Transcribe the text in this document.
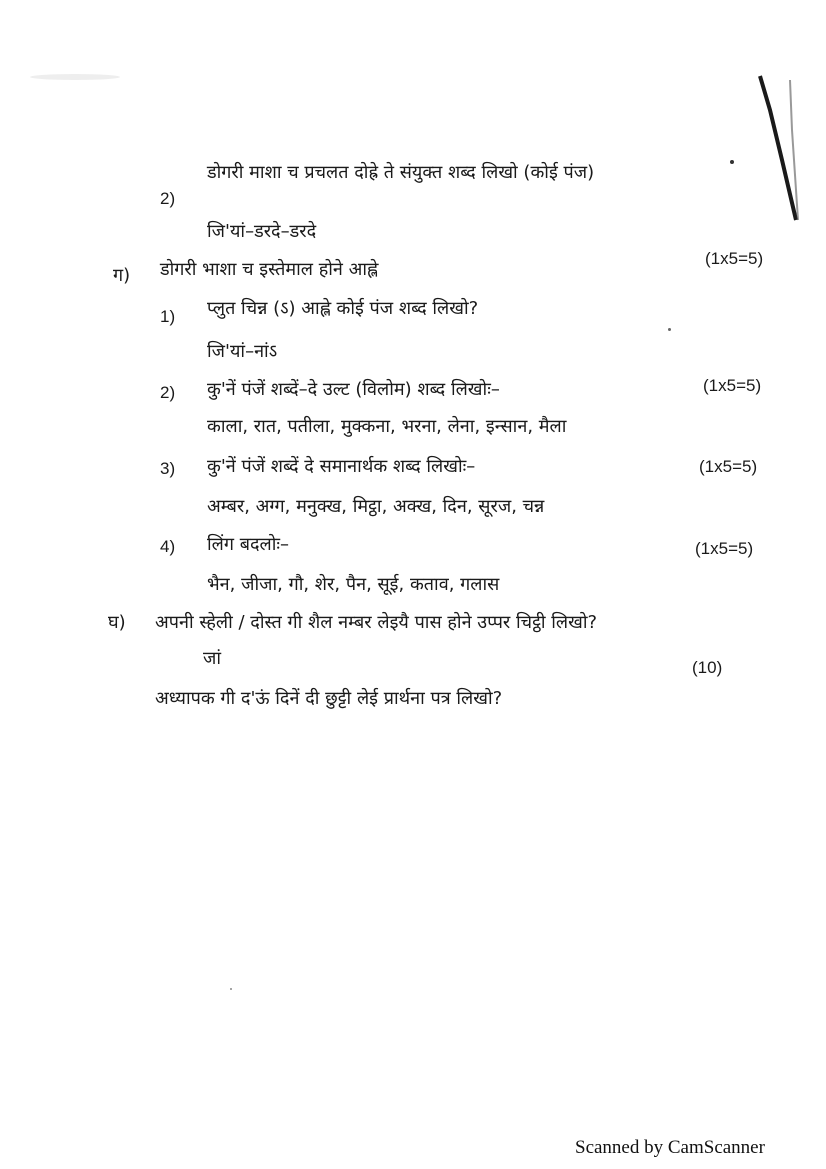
2)
डोगरी माशा च प्रचलत दोह्रे ते संयुक्त शब्द लिखो (कोई पंज)
जि'यां–डरदे–डरदे
ग) डोगरी भाशा च इस्तेमाल होने आह्ले
(1x5=5)
1) प्लुत चिन्न (ऽ) आह्ले कोई पंज शब्द लिखो?
जि'यां–नांऽ
2) कु'नें पंजें शब्दें–दे उल्ट (विलोम) शब्द लिखोः–	(1x5=5)
काला, रात, पतीला, मुक्कना, भरना, लेना, इन्सान, मैला
3) कु'नें पंजें शब्दें दे समानार्थक शब्द लिखोः–	(1x5=5)
अम्बर, अग्ग, मनुक्ख, मिट्ठा, अक्ख, दिन, सूरज, चन्न
4) लिंग बदलोः–	(1x5=5)
भैन, जीजा, गौ, शेर, पैन, सूई, कताव, गलास
घ) अपनी स्हेली / दोस्त गी शैल नम्बर लेइयै पास होने उप्पर चिट्ठी लिखो?
जां	(10)
अध्यापक गी द'ऊं दिनें दी छुट्टी लेई प्रार्थना पत्र लिखो?
Scanned by CamScanner
